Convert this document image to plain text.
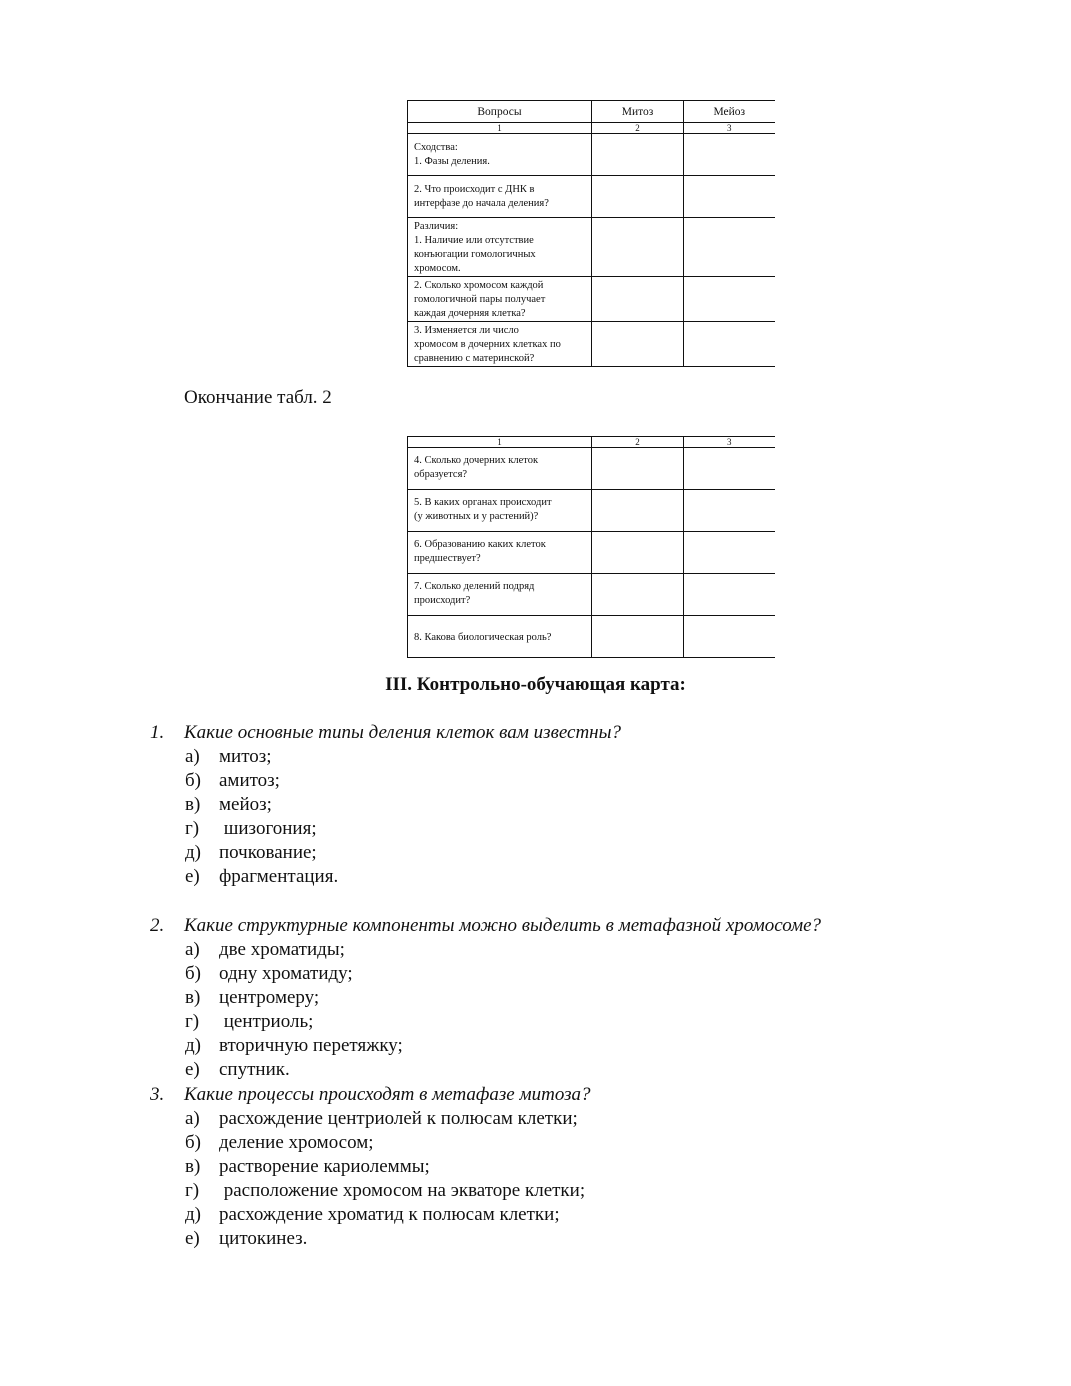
Вопросы	Митоз	Мейоз
1	2	3

Сходства:
1. Фазы деления.		

2. Что происходит с ДНК в
интерфазе до начала деления?		

Различия:
1. Наличие или отсутствие
конъюгации гомологичных
хромосом.		

2. Сколько хромосом каждой
гомологичной пары получает
каждая дочерняя клетка?		

3. Изменяется ли число
хромосом в дочерних клетках по
сравнению с материнской?		

Окончание табл. 2
1	2	3

4. Сколько дочерних клеток
образуется?		

5. В каких органах происходит
(у животных и у растений)?		

6. Образованию каких клеток
предшествует?		

7. Сколько делений подряд
происходит?		

8. Какова биологическая роль?		

III. Контрольно-обучающая карта:
1. Какие основные типы деления клеток вам известны?
а) митоз;
б) амитоз;
в) мейоз;
г) шизогония;
д) почкование;
е) фрагментация.
2. Какие структурные компоненты можно выделить в метафазной хромосоме?
а) две хроматиды;
б) одну хроматиду;
в) центромеру;
г) центриоль;
д) вторичную перетяжку;
е) спутник.
3. Какие процессы происходят в метафазе митоза?
а) расхождение центриолей к полюсам клетки;
б) деление хромосом;
в) растворение кариолеммы;
г) расположение хромосом на экваторе клетки;
д) расхождение хроматид к полюсам клетки;
е) цитокинез.
